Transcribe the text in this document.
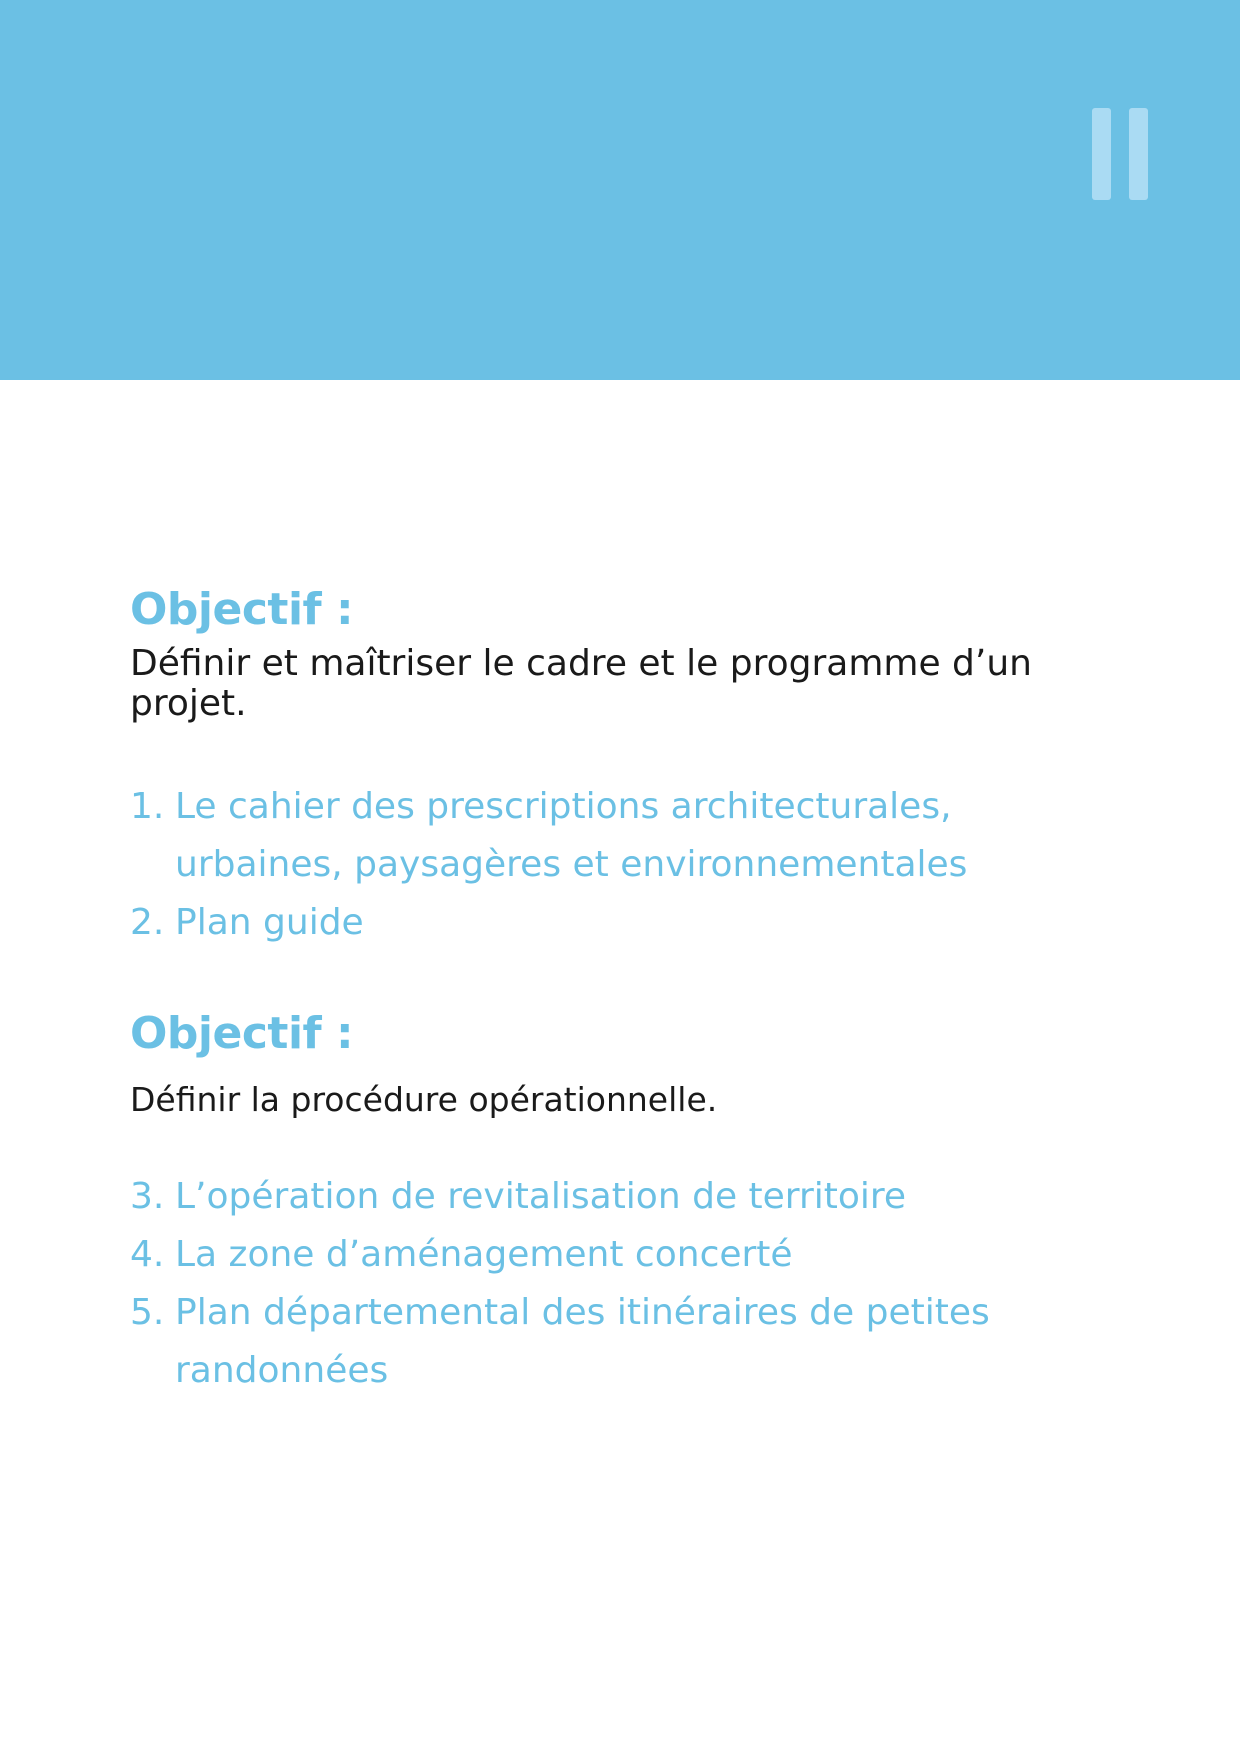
Objectif :

Définir et maîtriser le cadre et le programme d’un projet.

1. Le cahier des prescriptions architecturales, urbaines, paysagères et environnementales
2. Plan guide
Objectif :

Définir la procédure opérationnelle.

3. L’opération de revitalisation de territoire
4. La zone d’aménagement concerté
5. Plan départemental des itinéraires de petites randonnées
